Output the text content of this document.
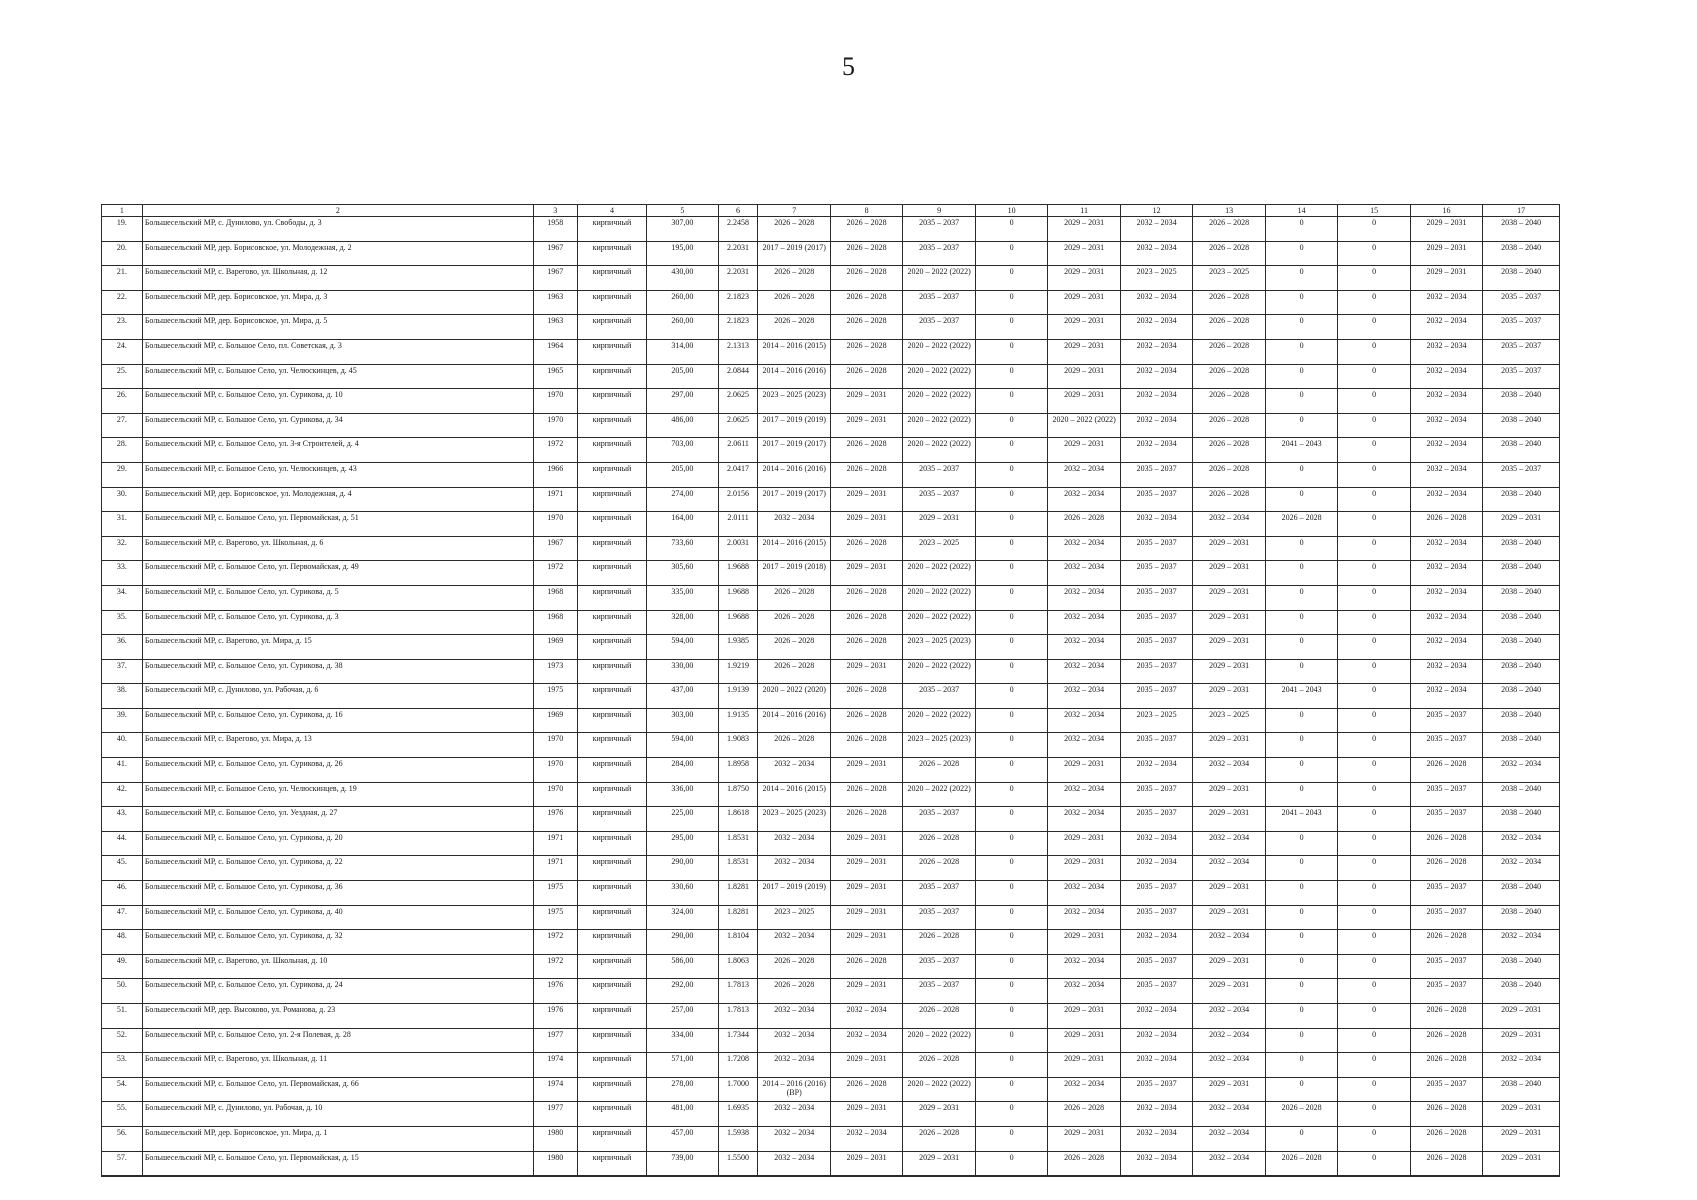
5
1	2	3	4	5	6	7	8	9	10	11	12	13	14	15	16	17
19.	Большесельский МР, с. Дунилово, ул. Свободы, д. 3	1958	кирпичный	307,00	2.2458	2026 – 2028	2026 – 2028	2035 – 2037	0	2029 – 2031	2032 – 2034	2026 – 2028	0	0	2029 – 2031	2038 – 2040
20.	Большесельский МР, дер. Борисовское, ул. Молодежная, д. 2	1967	кирпичный	195,00	2.2031	2017 – 2019 (2017)	2026 – 2028	2035 – 2037	0	2029 – 2031	2032 – 2034	2026 – 2028	0	0	2029 – 2031	2038 – 2040
21.	Большесельский МР, с. Варегово, ул. Школьная, д. 12	1967	кирпичный	430,00	2.2031	2026 – 2028	2026 – 2028	2020 – 2022 (2022)	0	2029 – 2031	2023 – 2025	2023 – 2025	0	0	2029 – 2031	2038 – 2040
22.	Большесельский МР, дер. Борисовское, ул. Мира, д. 3	1963	кирпичный	260,00	2.1823	2026 – 2028	2026 – 2028	2035 – 2037	0	2029 – 2031	2032 – 2034	2026 – 2028	0	0	2032 – 2034	2035 – 2037
23.	Большесельский МР, дер. Борисовское, ул. Мира, д. 5	1963	кирпичный	260,00	2.1823	2026 – 2028	2026 – 2028	2035 – 2037	0	2029 – 2031	2032 – 2034	2026 – 2028	0	0	2032 – 2034	2035 – 2037
24.	Большесельский МР, с. Большое Село, пл. Советская, д. 3	1964	кирпичный	314,00	2.1313	2014 – 2016 (2015)	2026 – 2028	2020 – 2022 (2022)	0	2029 – 2031	2032 – 2034	2026 – 2028	0	0	2032 – 2034	2035 – 2037
25.	Большесельский МР, с. Большое Село, ул. Челюскинцев, д. 45	1965	кирпичный	205,00	2.0844	2014 – 2016 (2016)	2026 – 2028	2020 – 2022 (2022)	0	2029 – 2031	2032 – 2034	2026 – 2028	0	0	2032 – 2034	2035 – 2037
26.	Большесельский МР, с. Большое Село, ул. Сурикова, д. 10	1970	кирпичный	297,00	2.0625	2023 – 2025 (2023)	2029 – 2031	2020 – 2022 (2022)	0	2029 – 2031	2032 – 2034	2026 – 2028	0	0	2032 – 2034	2038 – 2040
27.	Большесельский МР, с. Большое Село, ул. Сурикова, д. 34	1970	кирпичный	486,00	2.0625	2017 – 2019 (2019)	2029 – 2031	2020 – 2022 (2022)	0	2020 – 2022 (2022)	2032 – 2034	2026 – 2028	0	0	2032 – 2034	2038 – 2040
28.	Большесельский МР, с. Большое Село, ул. 3-я Строителей, д. 4	1972	кирпичный	703,00	2.0611	2017 – 2019 (2017)	2026 – 2028	2020 – 2022 (2022)	0	2029 – 2031	2032 – 2034	2026 – 2028	2041 – 2043	0	2032 – 2034	2038 – 2040
29.	Большесельский МР, с. Большое Село, ул. Челюскинцев, д. 43	1966	кирпичный	205,00	2.0417	2014 – 2016 (2016)	2026 – 2028	2035 – 2037	0	2032 – 2034	2035 – 2037	2026 – 2028	0	0	2032 – 2034	2035 – 2037
30.	Большесельский МР, дер. Борисовское, ул. Молодежная, д. 4	1971	кирпичный	274,00	2.0156	2017 – 2019 (2017)	2029 – 2031	2035 – 2037	0	2032 – 2034	2035 – 2037	2026 – 2028	0	0	2032 – 2034	2038 – 2040
31.	Большесельский МР, с. Большое Село, ул. Первомайская, д. 51	1970	кирпичный	164,00	2.0111	2032 – 2034	2029 – 2031	2029 – 2031	0	2026 – 2028	2032 – 2034	2032 – 2034	2026 – 2028	0	2026 – 2028	2029 – 2031
32.	Большесельский МР, с. Варегово, ул. Школьная, д. 6	1967	кирпичный	733,60	2.0031	2014 – 2016 (2015)	2026 – 2028	2023 – 2025	0	2032 – 2034	2035 – 2037	2029 – 2031	0	0	2032 – 2034	2038 – 2040
33.	Большесельский МР, с. Большое Село, ул. Первомайская, д. 49	1972	кирпичный	305,60	1.9688	2017 – 2019 (2018)	2029 – 2031	2020 – 2022 (2022)	0	2032 – 2034	2035 – 2037	2029 – 2031	0	0	2032 – 2034	2038 – 2040
34.	Большесельский МР, с. Большое Село, ул. Сурикова, д. 5	1968	кирпичный	335,00	1.9688	2026 – 2028	2026 – 2028	2020 – 2022 (2022)	0	2032 – 2034	2035 – 2037	2029 – 2031	0	0	2032 – 2034	2038 – 2040
35.	Большесельский МР, с. Большое Село, ул. Сурикова, д. 3	1968	кирпичный	328,00	1.9688	2026 – 2028	2026 – 2028	2020 – 2022 (2022)	0	2032 – 2034	2035 – 2037	2029 – 2031	0	0	2032 – 2034	2038 – 2040
36.	Большесельский МР, с. Варегово, ул. Мира, д. 15	1969	кирпичный	594,00	1.9385	2026 – 2028	2026 – 2028	2023 – 2025 (2023)	0	2032 – 2034	2035 – 2037	2029 – 2031	0	0	2032 – 2034	2038 – 2040
37.	Большесельский МР, с. Большое Село, ул. Сурикова, д. 38	1973	кирпичный	330,00	1.9219	2026 – 2028	2029 – 2031	2020 – 2022 (2022)	0	2032 – 2034	2035 – 2037	2029 – 2031	0	0	2032 – 2034	2038 – 2040
38.	Большесельский МР, с. Дунилово, ул. Рабочая, д. 6	1975	кирпичный	437,00	1.9139	2020 – 2022 (2020)	2026 – 2028	2035 – 2037	0	2032 – 2034	2035 – 2037	2029 – 2031	2041 – 2043	0	2032 – 2034	2038 – 2040
39.	Большесельский МР, с. Большое Село, ул. Сурикова, д. 16	1969	кирпичный	303,00	1.9135	2014 – 2016 (2016)	2026 – 2028	2020 – 2022 (2022)	0	2032 – 2034	2023 – 2025	2023 – 2025	0	0	2035 – 2037	2038 – 2040
40.	Большесельский МР, с. Варегово, ул. Мира, д. 13	1970	кирпичный	594,00	1.9083	2026 – 2028	2026 – 2028	2023 – 2025 (2023)	0	2032 – 2034	2035 – 2037	2029 – 2031	0	0	2035 – 2037	2038 – 2040
41.	Большесельский МР, с. Большое Село, ул. Сурикова, д. 26	1970	кирпичный	284,00	1.8958	2032 – 2034	2029 – 2031	2026 – 2028	0	2029 – 2031	2032 – 2034	2032 – 2034	0	0	2026 – 2028	2032 – 2034
42.	Большесельский МР, с. Большое Село, ул. Челюскинцев, д. 19	1970	кирпичный	336,00	1.8750	2014 – 2016 (2015)	2026 – 2028	2020 – 2022 (2022)	0	2032 – 2034	2035 – 2037	2029 – 2031	0	0	2035 – 2037	2038 – 2040
43.	Большесельский МР, с. Большое Село, ул. Уездная, д. 27	1976	кирпичный	225,00	1.8618	2023 – 2025 (2023)	2026 – 2028	2035 – 2037	0	2032 – 2034	2035 – 2037	2029 – 2031	2041 – 2043	0	2035 – 2037	2038 – 2040
44.	Большесельский МР, с. Большое Село, ул. Сурикова, д. 20	1971	кирпичный	295,00	1.8531	2032 – 2034	2029 – 2031	2026 – 2028	0	2029 – 2031	2032 – 2034	2032 – 2034	0	0	2026 – 2028	2032 – 2034
45.	Большесельский МР, с. Большое Село, ул. Сурикова, д. 22	1971	кирпичный	290,00	1.8531	2032 – 2034	2029 – 2031	2026 – 2028	0	2029 – 2031	2032 – 2034	2032 – 2034	0	0	2026 – 2028	2032 – 2034
46.	Большесельский МР, с. Большое Село, ул. Сурикова, д. 36	1975	кирпичный	330,60	1.8281	2017 – 2019 (2019)	2029 – 2031	2035 – 2037	0	2032 – 2034	2035 – 2037	2029 – 2031	0	0	2035 – 2037	2038 – 2040
47.	Большесельский МР, с. Большое Село, ул. Сурикова, д. 40	1975	кирпичный	324,00	1.8281	2023 – 2025	2029 – 2031	2035 – 2037	0	2032 – 2034	2035 – 2037	2029 – 2031	0	0	2035 – 2037	2038 – 2040
48.	Большесельский МР, с. Большое Село, ул. Сурикова, д. 32	1972	кирпичный	290,00	1.8104	2032 – 2034	2029 – 2031	2026 – 2028	0	2029 – 2031	2032 – 2034	2032 – 2034	0	0	2026 – 2028	2032 – 2034
49.	Большесельский МР, с. Варегово, ул. Школьная, д. 10	1972	кирпичный	586,00	1.8063	2026 – 2028	2026 – 2028	2035 – 2037	0	2032 – 2034	2035 – 2037	2029 – 2031	0	0	2035 – 2037	2038 – 2040
50.	Большесельский МР, с. Большое Село, ул. Сурикова, д. 24	1976	кирпичный	292,00	1.7813	2026 – 2028	2029 – 2031	2035 – 2037	0	2032 – 2034	2035 – 2037	2029 – 2031	0	0	2035 – 2037	2038 – 2040
51.	Большесельский МР, дер. Высоково, ул. Романова, д. 23	1976	кирпичный	257,00	1.7813	2032 – 2034	2032 – 2034	2026 – 2028	0	2029 – 2031	2032 – 2034	2032 – 2034	0	0	2026 – 2028	2029 – 2031
52.	Большесельский МР, с. Большое Село, ул. 2-я Полевая, д. 28	1977	кирпичный	334,00	1.7344	2032 – 2034	2032 – 2034	2020 – 2022 (2022)	0	2029 – 2031	2032 – 2034	2032 – 2034	0	0	2026 – 2028	2029 – 2031
53.	Большесельский МР, с. Варегово, ул. Школьная, д. 11	1974	кирпичный	571,00	1.7208	2032 – 2034	2029 – 2031	2026 – 2028	0	2029 – 2031	2032 – 2034	2032 – 2034	0	0	2026 – 2028	2032 – 2034
54.	Большесельский МР, с. Большое Село, ул. Первомайская, д. 66	1974	кирпичный	278,00	1.7000	2014 – 2016 (2016) (ВР)	2026 – 2028	2020 – 2022 (2022)	0	2032 – 2034	2035 – 2037	2029 – 2031	0	0	2035 – 2037	2038 – 2040
55.	Большесельский МР, с. Дунилово, ул. Рабочая, д. 10	1977	кирпичный	481,00	1.6935	2032 – 2034	2029 – 2031	2029 – 2031	0	2026 – 2028	2032 – 2034	2032 – 2034	2026 – 2028	0	2026 – 2028	2029 – 2031
56.	Большесельский МР, дер. Борисовское, ул. Мира, д. 1	1980	кирпичный	457,00	1.5938	2032 – 2034	2032 – 2034	2026 – 2028	0	2029 – 2031	2032 – 2034	2032 – 2034	0	0	2026 – 2028	2029 – 2031
57.	Большесельский МР, с. Большое Село, ул. Первомайская, д. 15	1980	кирпичный	739,00	1.5500	2032 – 2034	2029 – 2031	2029 – 2031	0	2026 – 2028	2032 – 2034	2032 – 2034	2026 – 2028	0	2026 – 2028	2029 – 2031
